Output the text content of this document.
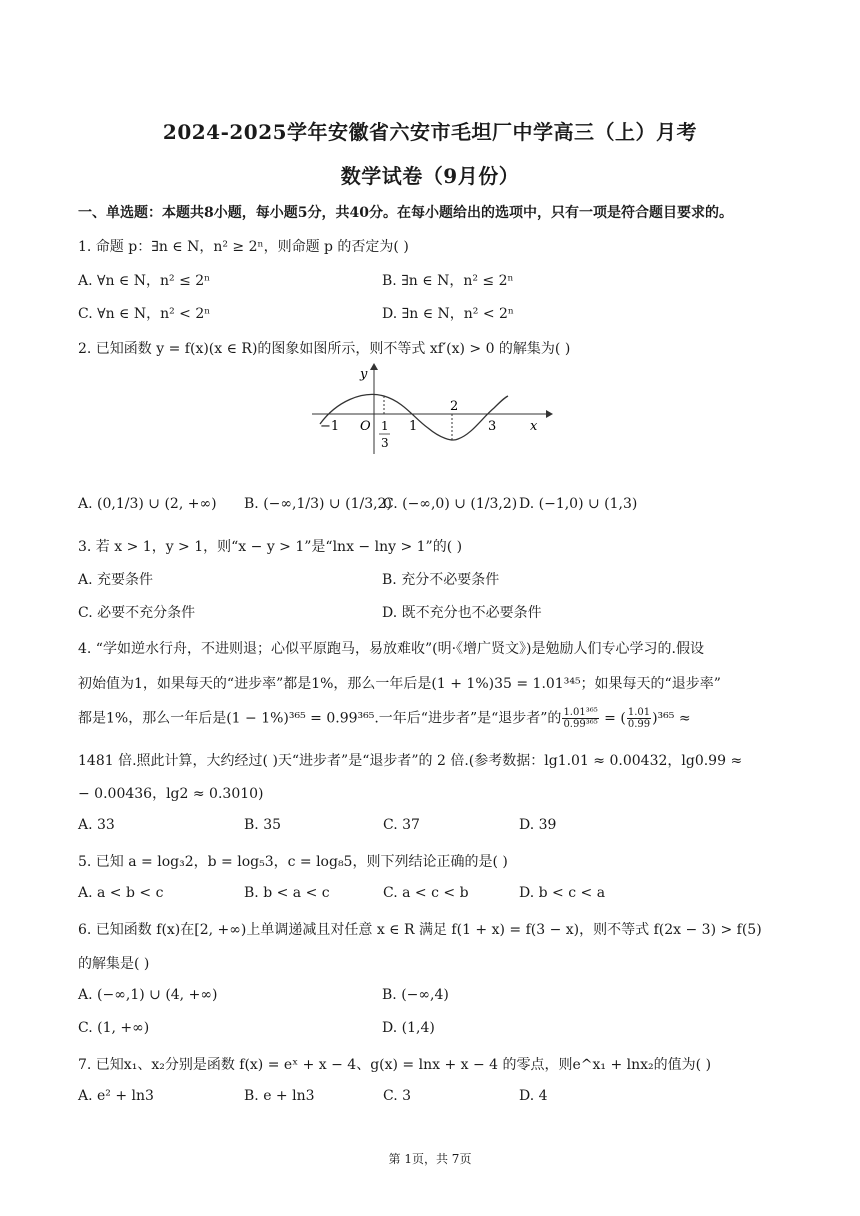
2024-2025学年安徽省六安市毛坦厂中学高三（上）月考
数学试卷（9月份）
一、单选题：本题共8小题，每小题5分，共40分。在每小题给出的选项中，只有一项是符合题目要求的。
1. 命题 p：∃n ∈ N，n² ≥ 2ⁿ，则命题 p 的否定为( )
A. ∀n ∈ N，n² ≤ 2ⁿ	B. ∃n ∈ N，n² ≤ 2ⁿ
C. ∀n ∈ N，n² < 2ⁿ	D. ∃n ∈ N，n² < 2ⁿ
2. 已知函数 y = f(x)(x ∈ R)的图象如图所示，则不等式 xf′(x) > 0 的解集为( )
y
x
O
−1	1
2
3
1
3
A. (0,1/3) ∪ (2, +∞) B. (−∞,1/3) ∪ (1/3,2)
C. (−∞,0) ∪ (1/3,2) D. (−1,0) ∪ (1,3)
3. 若 x > 1，y > 1，则“x − y > 1”是“lnx − lny > 1”的( )
A. 充要条件	B. 充分不必要条件
C. 必要不充分条件	D. 既不充分也不必要条件
4. “学如逆水行舟，不进则退；心似平原跑马，易放难收”(明·《增广贤文》)是勉励人们专心学习的.假设
初始值为1，如果每天的“进步率”都是1%，那么一年后是(1 + 1%)35 = 1.01³⁴⁵；如果每天的“退步率”
都是1%，那么一年后是(1 − 1%)³⁶⁵ = 0.99³⁶⁵.一年后“进步者”是“退步者”的 $\frac{\text{1.01³⁶⁵}}{\text{0.99³⁶⁵}}$ = ( $\frac{1.01}{0.99} )^{365}$ ≈
1481 倍.照此计算，大约经过( )天“进步者”是“退步者”的 2 倍.(参考数据：lg1.01 ≈ 0.00432，lg0.99 ≈
− 0.00436，lg2 ≈ 0.3010)
A. 33	B. 35	C. 37	D. 39
5. 已知 a = log₃2，b = log₅3，c = log₈5，则下列结论正确的是( )
A. a < b < c	B. b < a < c	C. a < c < b	D. b < c < a
6. 已知函数 f(x)在[2, +∞)上单调递减且对任意 x ∈ R 满足 f(1 + x) = f(3 − x)，则不等式 f(2x − 3) > f(5)
的解集是( )
A. (−∞,1) ∪ (4, +∞)	B. (−∞,4)
C. (1, +∞)	D. (1,4)
7. 已知x₁、x₂分别是函数 f(x) = eˣ + x − 4、g(x) = lnx + x − 4 的零点，则e^x₁ + lnx₂的值为( )
A. e² + ln3	B. e + ln3	C. 3	D. 4
第 1页，共 7页
